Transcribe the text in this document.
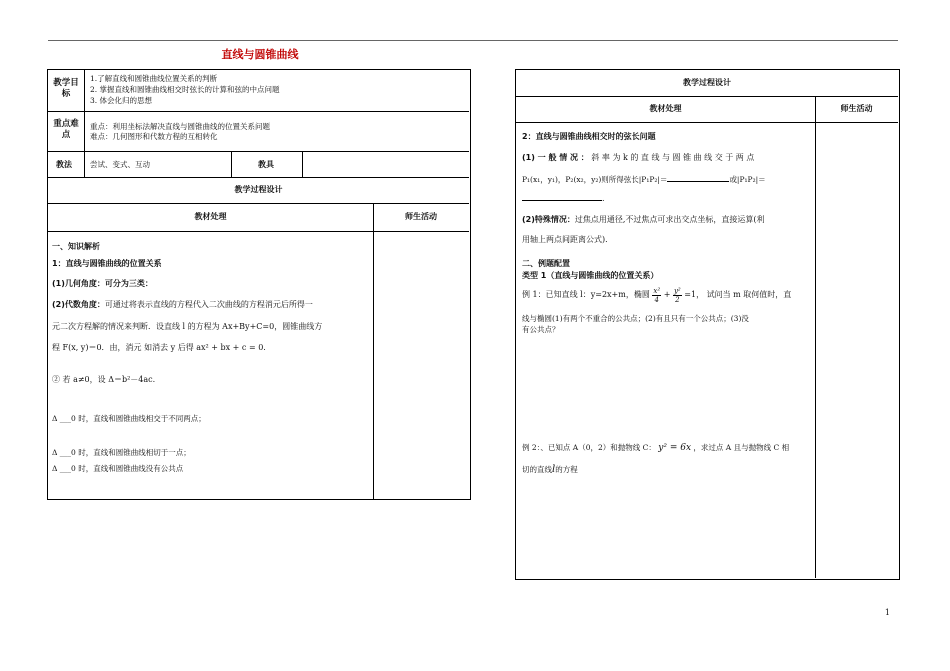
直线与圆锥曲线
教学目标
1.了解直线和圆锥曲线位置关系的判断
2. 掌握直线和圆锥曲线相交时弦长的计算和弦的中点问题
3. 体会化归的思想
重点难点
重点：利用坐标法解决直线与圆锥曲线的位置关系问题
难点：几何图形和代数方程的互相转化
教法 尝试、变式、互动	教具
教学过程设计
教材处理	师生活动
一、知识解析
1：直线与圆锥曲线的位置关系
(1)几何角度：可分为三类：
(2)代数角度：可通过将表示直线的方程代入二次曲线的方程消元后所得一
元二次方程解的情况来判断．设直线 l 的方程为 Ax+By+C=0，圆锥曲线方
程 F(x, y)＝0．由，消元 如消去 y 后得 ax² + bx + c = 0.
② 若 a≠0，设 Δ＝b²－4ac.
Δ ___0 时，直线和圆锥曲线相交于不同两点；
Δ ___0 时，直线和圆锥曲线相切于一点；
Δ ___0 时，直线和圆锥曲线没有公共点
教学过程设计
教材处理	师生活动
2：直线与圆锥曲线相交时的弦长问题
(1) 一 般 情 况 ： 斜 率 为 k 的 直 线 与 圆 锥 曲 线 交 于 两 点
P₁(x₁，y₁)，P₂(x₂，y₂)则所得弦长|P₁P₂|＝	或|P₁P₂|＝
.
(2)特殊情况：过焦点用通径,不过焦点可求出交点坐标，直接运算(利
用轴上两点间距离公式)．
二、例题配置
类型 1（直线与圆锥曲线的位置关系）
例 1：已知直线 l：y=2x+m，椭圆 $\frac{\text{x²}}{4} + \frac{\text{y²}}{2} =1$， 试问当 m 取何值时，直
线与椭圆(1)有两个不重合的公共点；(2)有且只有一个公共点；(3)没
有公共点？
例 2：、已知点 A（0，2）和抛物线 C： y² = 6x ，求过点 A 且与抛物线 C 相
切的直线l的方程
1
